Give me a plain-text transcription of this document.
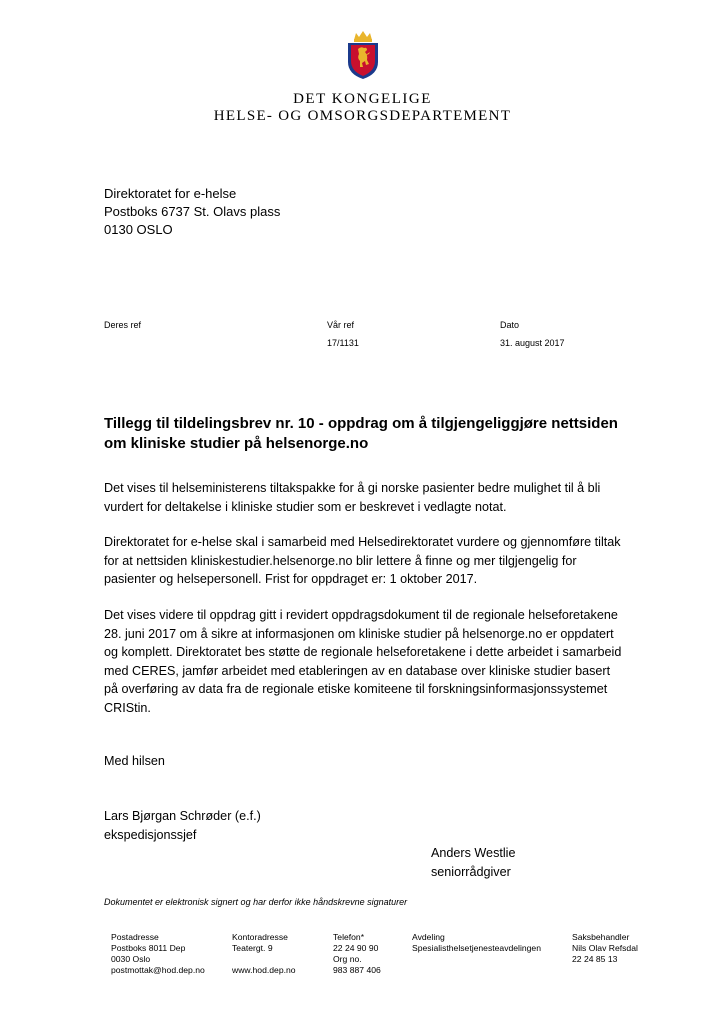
DET KONGELIGE
HELSE- OG OMSORGSDEPARTEMENT
Direktoratet for e-helse
Postboks 6737 St. Olavs plass
0130 OSLO
Deres ref	Vår ref
17/1131
Dato
31. august 2017
Tillegg til tildelingsbrev nr. 10 - oppdrag om å tilgjengeliggjøre nettsiden
om kliniske studier på helsenorge.no
Det vises til helseministerens tiltakspakke for å gi norske pasienter bedre mulighet til å bli
vurdert for deltakelse i kliniske studier som er beskrevet i vedlagte notat.
Direktoratet for e-helse skal i samarbeid med Helsedirektoratet vurdere og gjennomføre tiltak
for at nettsiden kliniskestudier.helsenorge.no blir lettere å finne og mer tilgjengelig for
pasienter og helsepersonell. Frist for oppdraget er: 1 oktober 2017.
Det vises videre til oppdrag gitt i revidert oppdragsdokument til de regionale helseforetakene
28. juni 2017 om å sikre at informasjonen om kliniske studier på helsenorge.no er oppdatert
og komplett. Direktoratet bes støtte de regionale helseforetakene i dette arbeidet i samarbeid
med CERES, jamfør arbeidet med etableringen av en database over kliniske studier basert
på overføring av data fra de regionale etiske komiteene til forskningsinformasjonssystemet
CRIStin.
Med hilsen
Lars Bjørgan Schrøder (e.f.)
ekspedisjonssjef
Anders Westlie
seniorrådgiver
Dokumentet er elektronisk signert og har derfor ikke håndskrevne signaturer
Postadresse
Postboks 8011 Dep
0030 Oslo
postmottak@hod.dep.no
Kontoradresse
Teatergt. 9

www.hod.dep.no
Telefon*
22 24 90 90
Org no.
983 887 406
Avdeling
Spesialisthelsetjenesteavdelingen
Saksbehandler
Nils Olav Refsdal
22 24 85 13
